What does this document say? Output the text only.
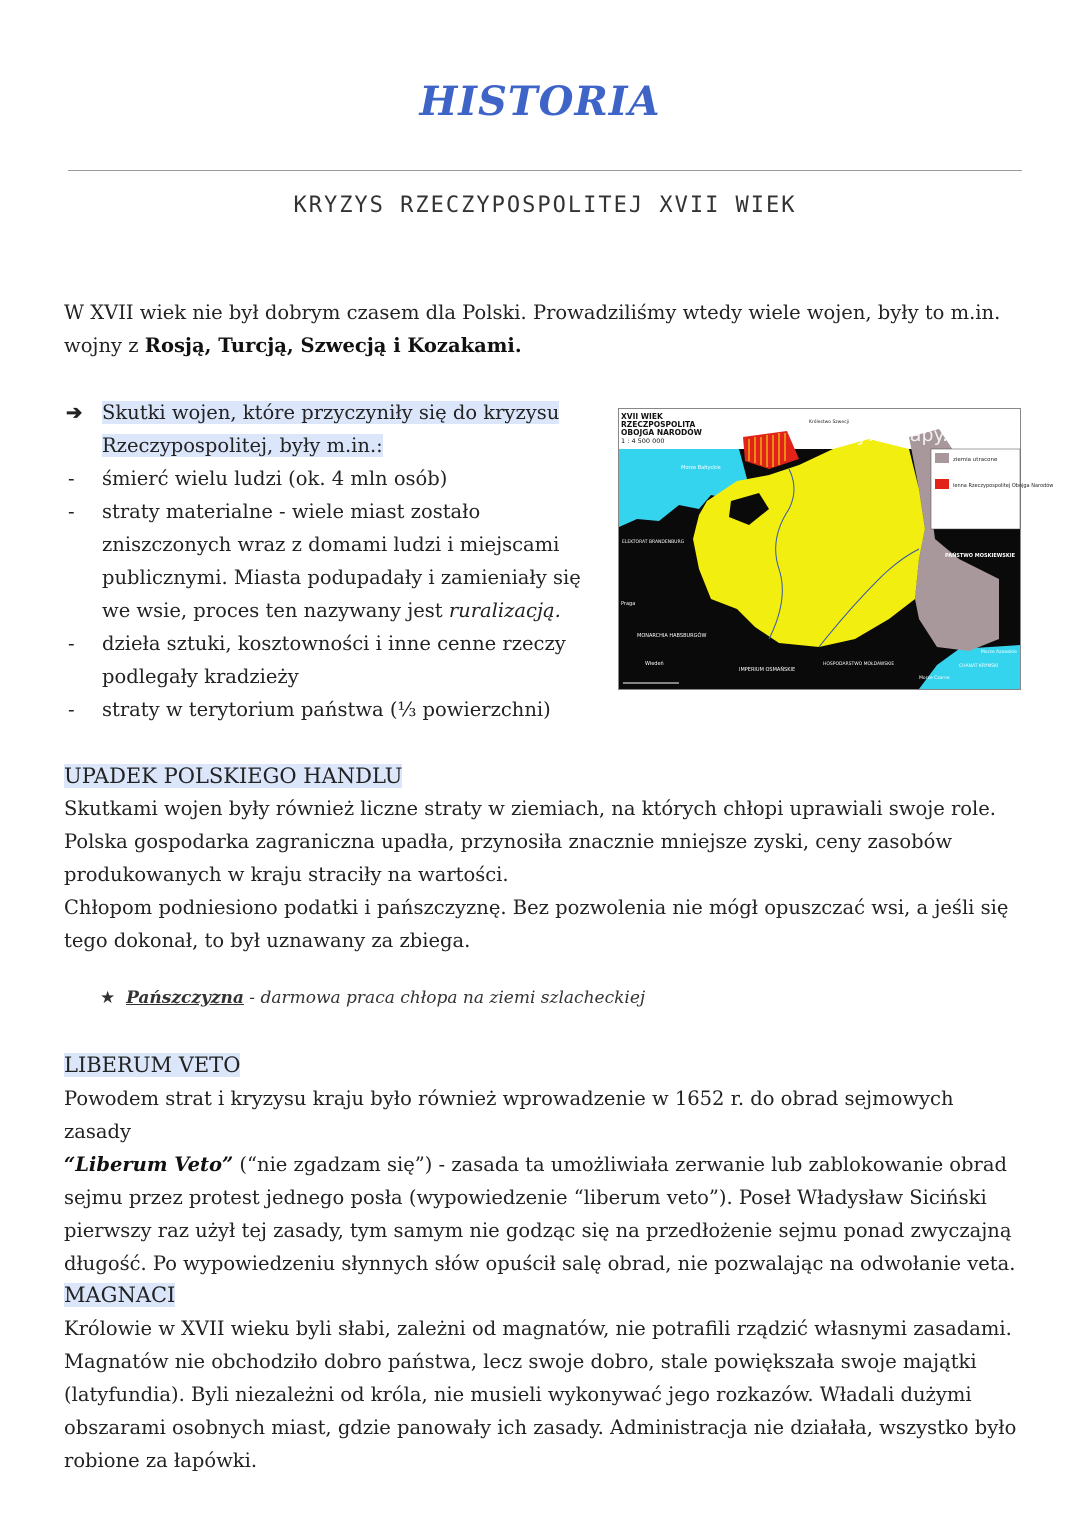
HISTORIA
KRYZYS RZECZYPOSPOLITEJ XVII WIEK
W XVII wiek nie był dobrym czasem dla Polski. Prowadziliśmy wtedy wiele wojen, były to m.in. wojny z Rosją, Turcją, Szwecją i Kozakami.
➔ Skutki wojen, które przyczyniły się do kryzysu
Rzeczypospolitej, były m.in.:
- śmierć wielu ludzi (ok. 4 mln osób)
- straty materialne - wiele miast zostało zniszczonych wraz z domami ludzi i miejscami publicznymi. Miasta podupadały i zamieniały się we wsie, proces ten nazywany jest ruralizacją.
- dzieła sztuki, kosztowności i inne cenne rzeczy podlegały kradzieży
- straty w terytorium państwa (⅓ powierzchni)
ziemia utracone
lenna Rzeczypospolitej Obojga Narodów
XVII WIEK
RZECZPOSPOLITA
OBOJGA NARODÓW
1 : 4 500 000	tyflomapy.pl
Morze Bałtyckie
Królestwo Szwecji
PAŃSTWO MOSKIEWSKIE
ELEKTORAT BRANDENBURG
MONARCHIA HABSBURGÓW
IMPERIUM OSMAŃSKIE
HOSPODARSTWO MOŁDAWSKIE	CHANAT KRYMSKI
Morze Azowskie
Morze Czarne
Wiedeń
Praga
UPADEK POLSKIEGO HANDLU
Skutkami wojen były również liczne straty w ziemiach, na których chłopi uprawiali swoje role.
Polska gospodarka zagraniczna upadła, przynosiła znacznie mniejsze zyski, ceny zasobów
produkowanych w kraju straciły na wartości.
Chłopom podniesiono podatki i pańszczyznę. Bez pozwolenia nie mógł opuszczać wsi, a jeśli się
tego dokonał, to był uznawany za zbiega.
★ Pańszczyzna - darmowa praca chłopa na ziemi szlacheckiej
LIBERUM VETO
Powodem strat i kryzysu kraju było również wprowadzenie w 1652 r. do obrad sejmowych zasady
“Liberum Veto” (“nie zgadzam się”) - zasada ta umożliwiała zerwanie lub zablokowanie obrad
sejmu przez protest jednego posła (wypowiedzenie “liberum veto”). Poseł Władysław Siciński
pierwszy raz użył tej zasady, tym samym nie godząc się na przedłożenie sejmu ponad zwyczajną
długość. Po wypowiedzeniu słynnych słów opuścił salę obrad, nie pozwalając na odwołanie veta.
MAGNACI
Królowie w XVII wieku byli słabi, zależni od magnatów, nie potrafili rządzić własnymi zasadami.
Magnatów nie obchodziło dobro państwa, lecz swoje dobro, stale powiększała swoje majątki
(latyfundia). Byli niezależni od króla, nie musieli wykonywać jego rozkazów. Władali dużymi
obszarami osobnych miast, gdzie panowały ich zasady. Administracja nie działała, wszystko było
robione za łapówki.
